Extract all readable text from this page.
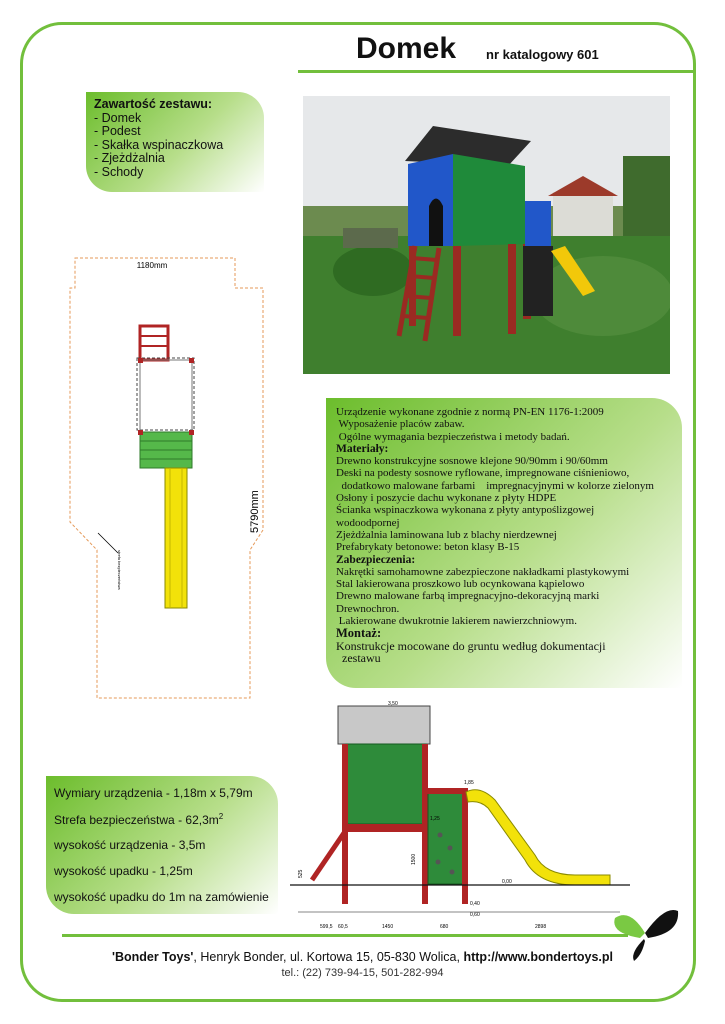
Domek nr katalogowy 601
Zawartość zestawu:
- Domek
- Podest
- Skałka wspinaczkowa
- Zjeżdżalnia
- Schody
1180mm
5790mm
strefa bezpieczeństwa
Urządzenie wykonane zgodnie z normą PN-EN 1176-1:2009
Wyposażenie placów zabaw.
Ogólne wymagania bezpieczeństwa i metody badań.
Materiały:
Drewno konstrukcyjne sosnowe klejone 90/90mm i 90/60mm
Deski na podesty sosnowe ryflowane, impregnowane ciśnieniowo,
dodatkowo malowane farbami    impregnacyjnymi w kolorze zielonym
Osłony i poszycie dachu wykonane z płyty HDPE
Ścianka wspinaczkowa wykonana z płyty antypoślizgowej
wodoodpornej
Zjeżdżalnia laminowana lub z blachy nierdzewnej
Prefabrykaty betonowe: beton klasy B-15
Zabezpieczenia:
Nakrętki samohamowne zabezpieczone nakładkami plastykowymi
Stal lakierowana proszkowo lub ocynkowana kąpielowo
Drewno malowane farbą impregnacyjno-dekoracyjną marki
Drewnochron.
Lakierowane dwukrotnie lakierem nawierzchniowym.
Montaż:
Konstrukcje mocowane do gruntu według dokumentacji
zestawu
Wymiary urządzenia - 1,18m x 5,79m
Strefa bezpieczeństwa - $62,3m^2$
wysokość urządzenia - 3,5m
wysokość upadku - 1,25m
wysokość upadku do 1m na zamówienie
3,50
1,85
1,25
1500
525
0,00
0,40
0,60
599,5 60,5	1450	680	2898
'Bonder Toys', Henryk Bonder, ul. Kortowa 15, 05-830 Wolica, http://www.bondertoys.pl
tel.: (22) 739-94-15, 501-282-994
